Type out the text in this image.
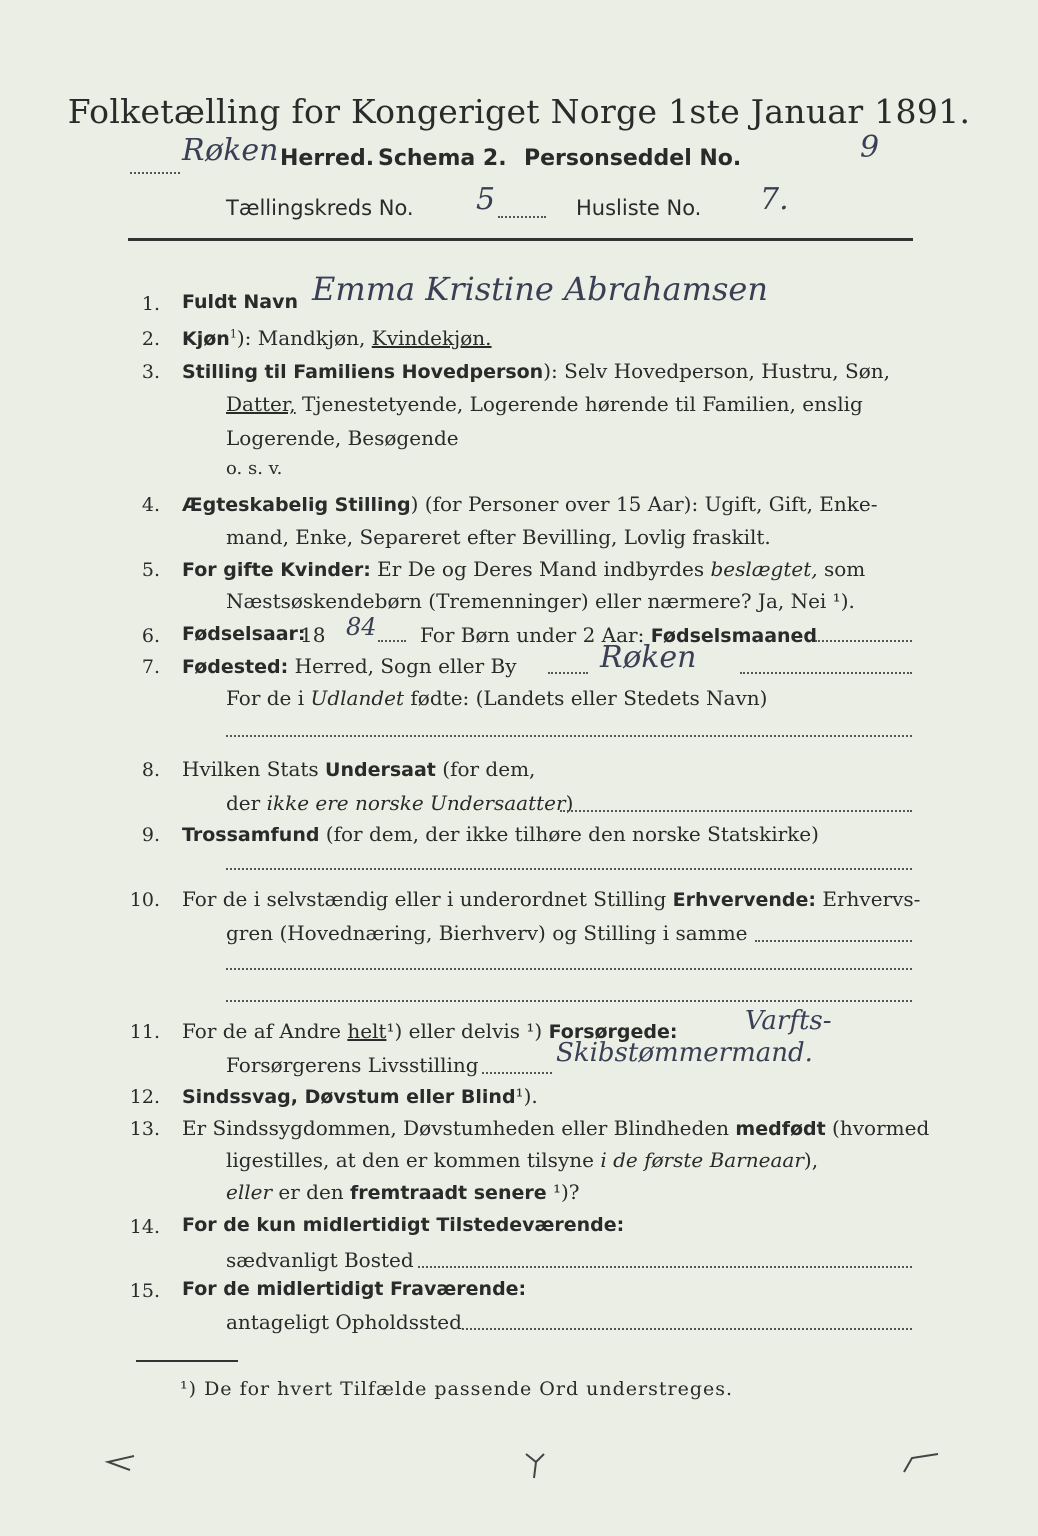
Folketælling for Kongeriget Norge 1ste Januar 1891.
Røken Herred. Schema 2. Personseddel No.	9
Tællingskreds No. 5	Husliste No. 7.
1. Fuldt Navn Emma Kristine Abrahamsen
2. Kjøn$^1$): Mandkjøn, Kvindekjøn.
3. Stilling til Familiens Hovedperson): Selv Hovedperson, Hustru, Søn,
Datter, Tjenestetyende, Logerende hørende til Familien, enslig
Logerende, Besøgende
o. s. v.
4. Ægteskabelig Stilling) (for Personer over 15 Aar): Ugift, Gift, Enke-
mand, Enke, Separeret efter Bevilling, Lovlig fraskilt.
5. For gifte Kvinder: Er De og Deres Mand indbyrdes beslægtet, som
Næstsøskendebørn (Tremenninger) eller nærmere? Ja, Nei ¹).
6. Fødselsaar:
18 84 For Børn under 2 Aar: Fødselsmaaned
7. Fødested: Herred, Sogn eller By	Røken
For de i Udlandet fødte: (Landets eller Stedets Navn)
8. Hvilken Stats Undersaat (for dem,
der ikke ere norske Undersaatter)
9. Trossamfund (for dem, der ikke tilhøre den norske Statskirke)
10. For de i selvstændig eller i underordnet Stilling Erhvervende: Erhvervs-
gren (Hovednæring, Bierhverv) og Stilling i samme
11. For de af Andre helt¹) eller delvis ¹) Forsørgede:	Varfts-
Forsørgerens Livsstilling	Skibstømmermand.
12. Sindssvag, Døvstum eller Blind¹).
13. Er Sindssygdommen, Døvstumheden eller Blindheden medfødt (hvormed
ligestilles, at den er kommen tilsyne i de første Barneaar),
eller er den fremtraadt senere ¹)?
14. For de kun midlertidigt Tilstedeværende:
sædvanligt Bosted
15. For de midlertidigt Fraværende:
antageligt Opholdssted
¹) De for hvert Tilfælde passende Ord understreges.
